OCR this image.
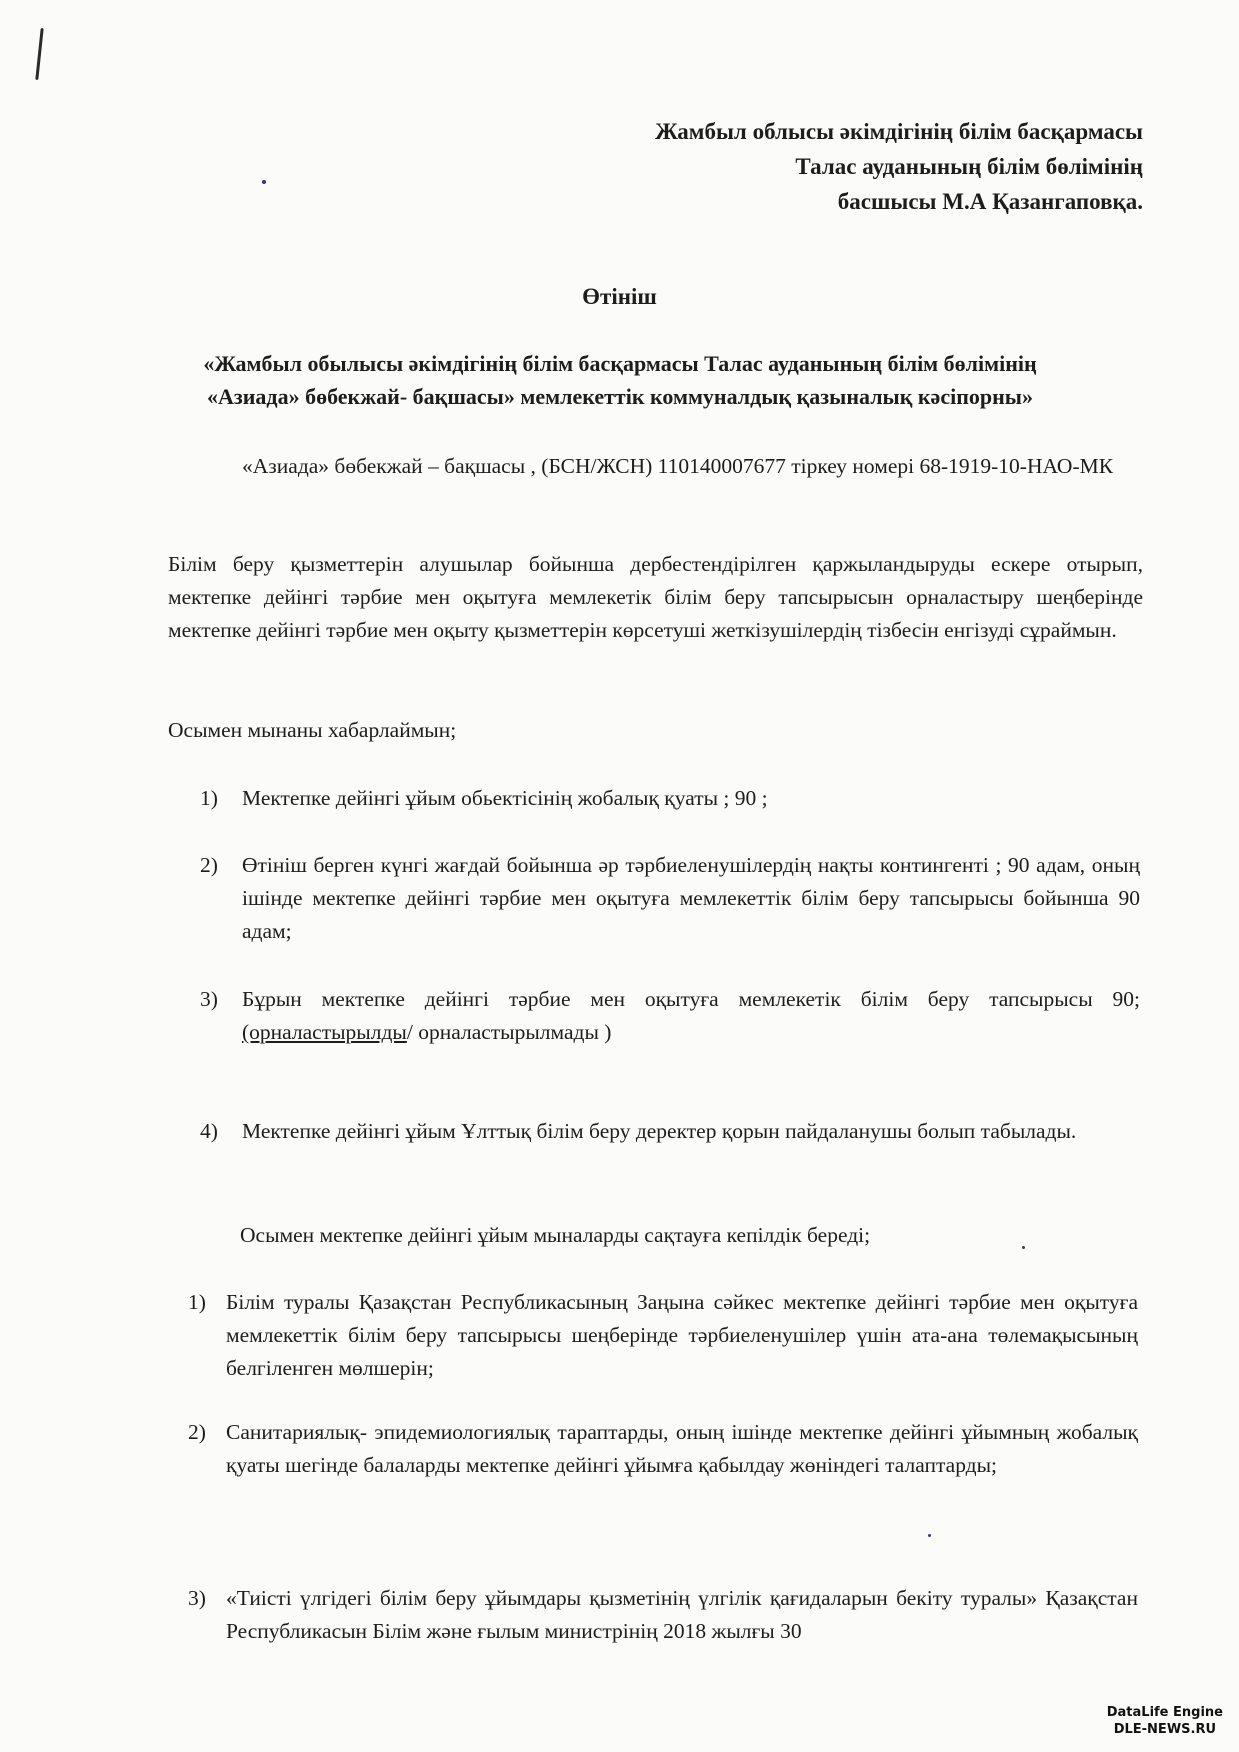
Жамбыл облысы әкімдігінің білім басқармасы
Талас ауданының білім бөлімінің
басшысы М.А Қазангаповқа.
Өтініш
«Жамбыл обылысы әкімдігінің білім басқармасы Талас ауданының білім бөлімінің
«Азиада» бөбекжай- бақшасы» мемлекеттік коммуналдық қазыналық кәсіпорны»
«Азиада» бөбекжай – бақшасы , (БСН/ЖСН) 110140007677 тіркеу номері 68-1919-10-НАО-МК
Білім беру қызметтерін алушылар бойынша дербестендірілген қаржыландыруды ескере отырып, мектепке дейінгі тәрбие мен оқытуға мемлекетік білім беру тапсырысын орналастыру шеңберінде мектепке дейінгі тәрбие мен оқыту қызметтерін көрсетуші жеткізушілердің тізбесін енгізуді сұраймын.
Осымен мынаны хабарлаймын;
1)	Мектепке дейінгі ұйым обьектісінің жобалық қуаты ; 90 ;
2)	Өтініш берген күнгі жағдай бойынша әр тәрбиеленушілердің нақты контингенті ; 90 адам, оның ішінде мектепке дейінгі тәрбие мен оқытуға мемлекеттік білім беру тапсырысы бойынша 90 адам;
3)	Бұрын мектепке дейінгі тәрбие мен оқытуға мемлекетік білім беру тапсырысы 90; (орналастырылды/ орналастырылмады )
4)	Мектепке дейінгі ұйым Ұлттық білім беру деректер қорын пайдаланушы болып табылады.
Осымен мектепке дейінгі ұйым мыналарды сақтауға кепілдік береді;
1) Білім туралы Қазақстан Республикасының Заңына сәйкес мектепке дейінгі тәрбие мен оқытуға мемлекеттік білім беру тапсырысы шеңберінде тәрбиеленушілер үшін ата-ана төлемақысының белгіленген мөлшерін;
2) Санитариялық- эпидемиологиялық тараптарды, оның ішінде мектепке дейінгі ұйымның жобалық қуаты шегінде балаларды мектепке дейінгі ұйымға қабылдау жөніндегі талаптарды;
3) «Тиісті үлгідегі білім беру ұйымдары қызметінің үлгілік қағидаларын бекіту туралы» Қазақстан Республикасын Білім және ғылым министрінің 2018 жылғы 30
DataLife Engine
DLE-NEWS.RU
